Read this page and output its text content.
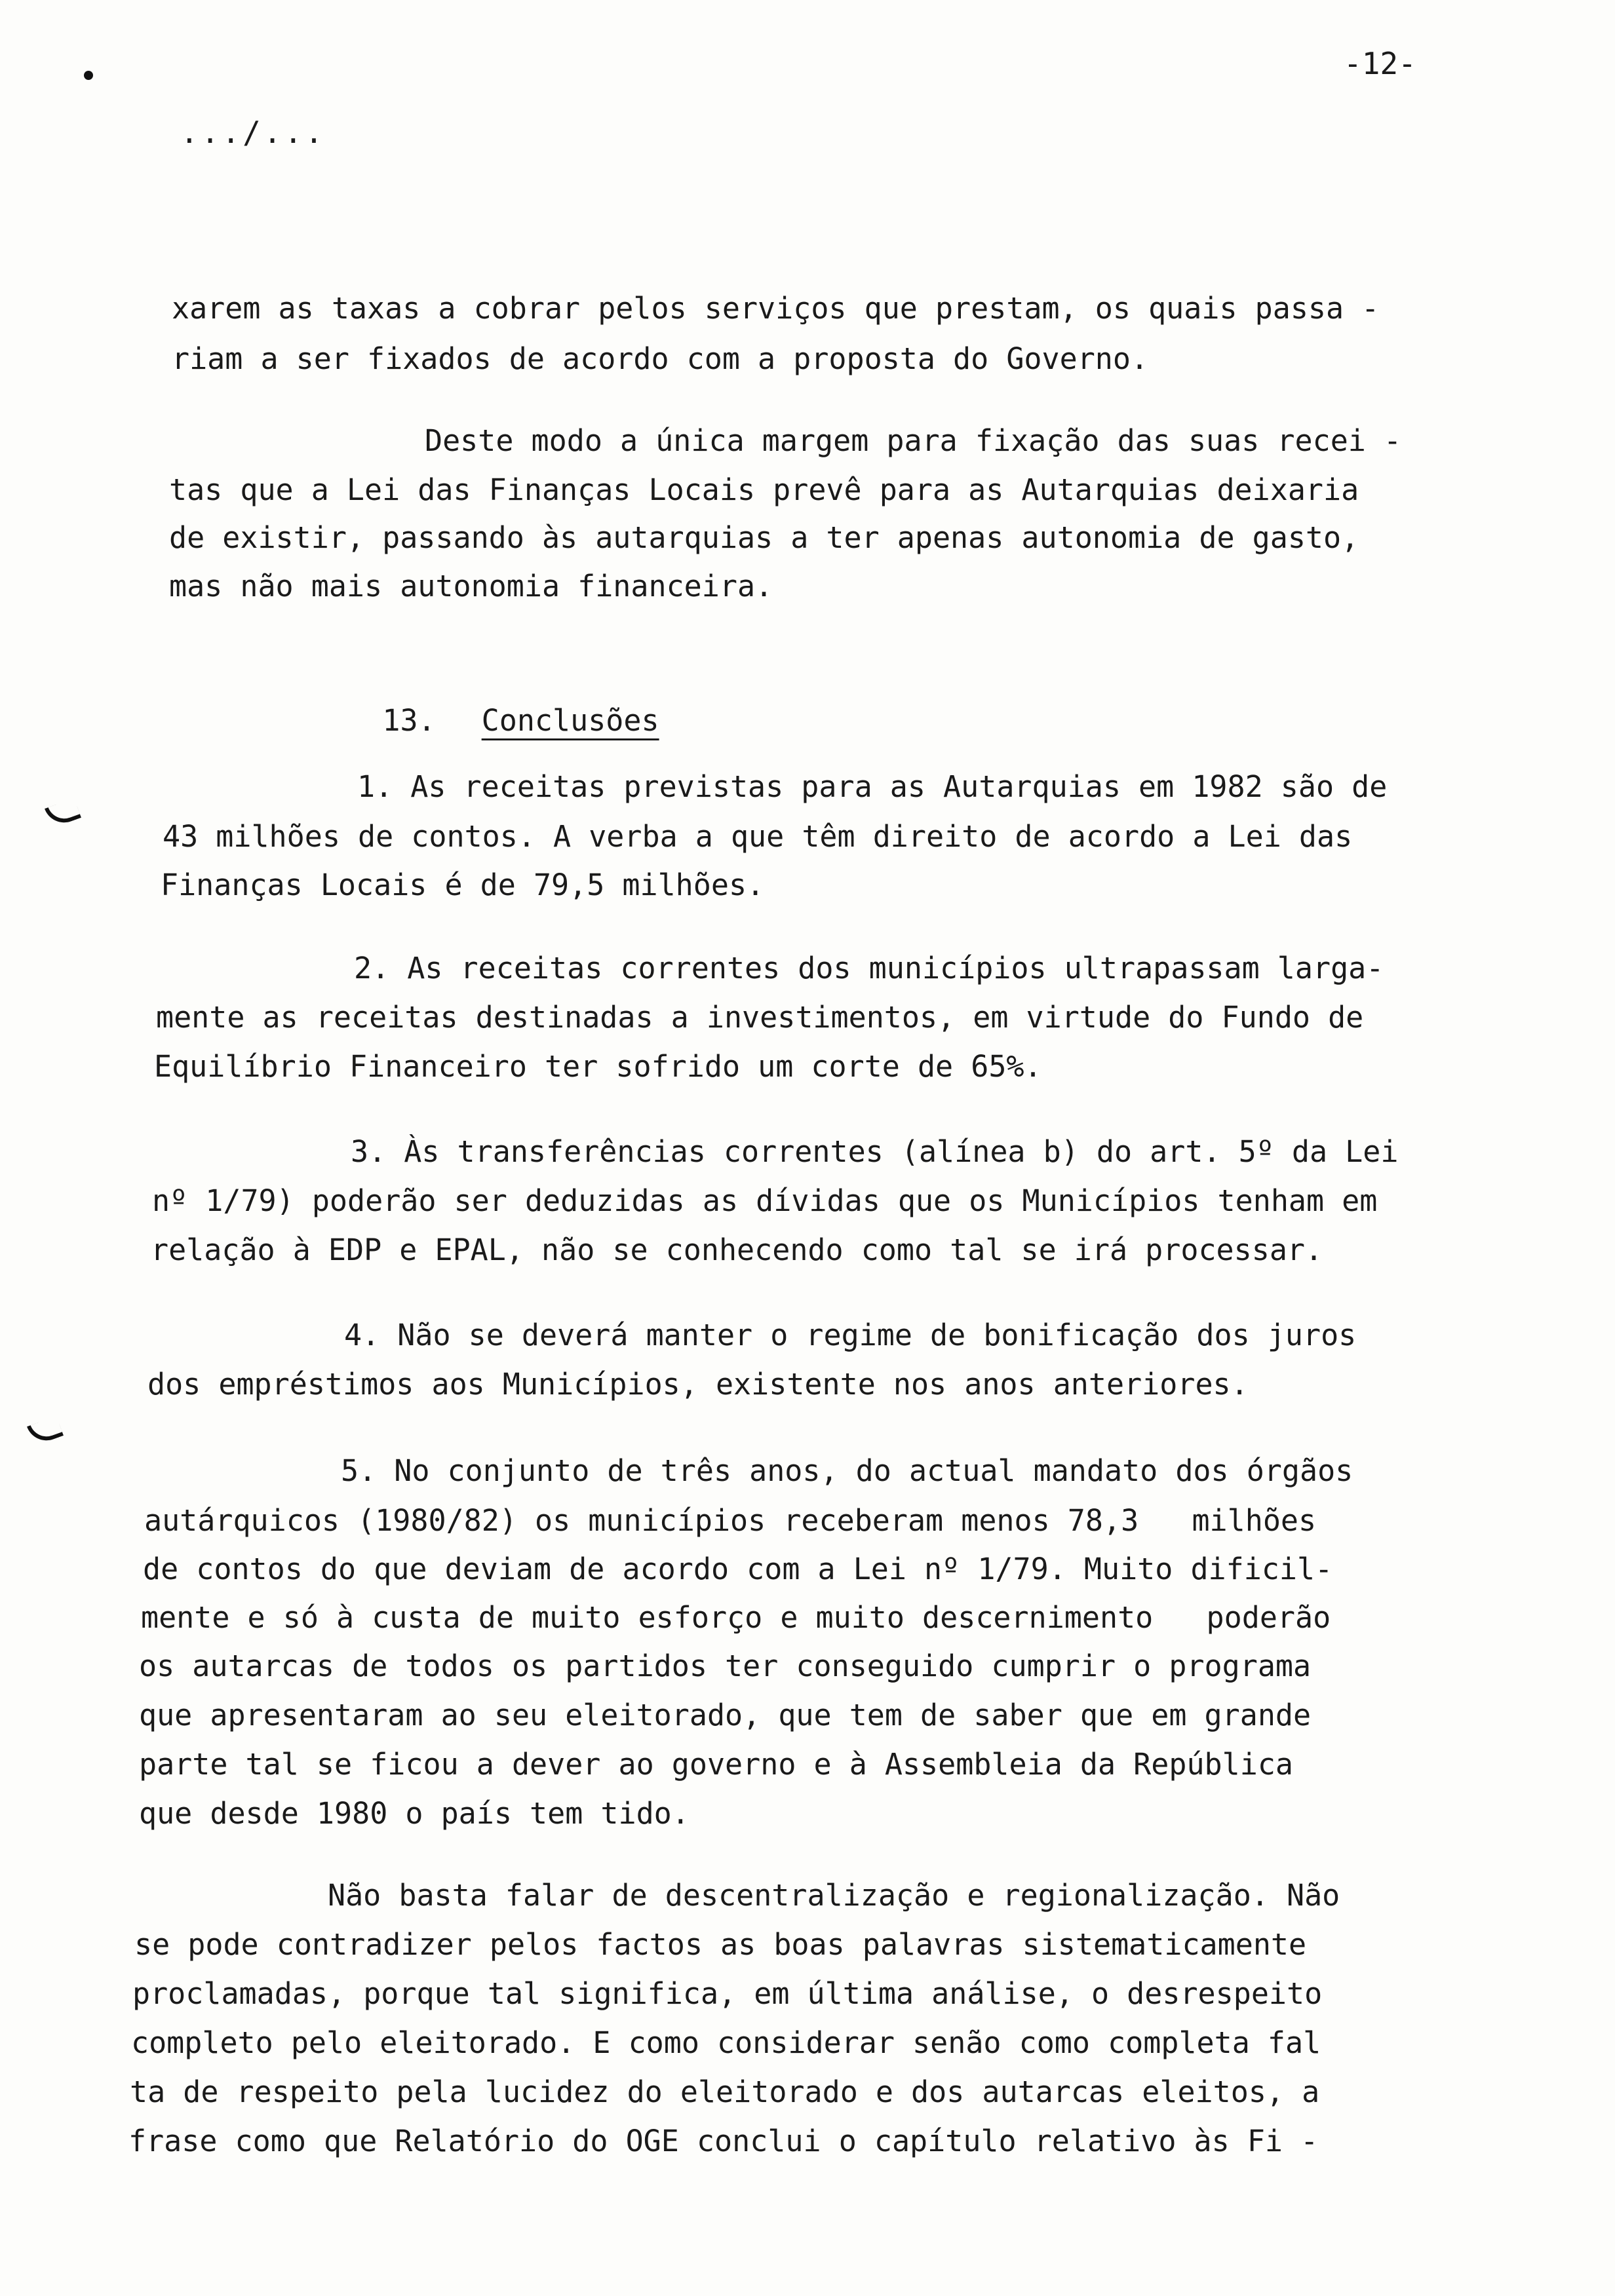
-12-
.../...
xarem as taxas a cobrar pelos serviços que prestam, os quais passa -
riam a ser fixados de acordo com a proposta do Governo.
Deste modo a única margem para fixação das suas recei -
tas que a Lei das Finanças Locais prevê para as Autarquias deixaria
de existir, passando às autarquias a ter apenas autonomia de gasto,
mas não mais autonomia financeira.

13. Conclusões

1. As receitas previstas para as Autarquias em 1982 são de
43 milhões de contos. A verba a que têm direito de acordo a Lei das
Finanças Locais é de 79,5 milhões.
2. As receitas correntes dos municípios ultrapassam larga-
mente as receitas destinadas a investimentos, em virtude do Fundo de
Equilíbrio Financeiro ter sofrido um corte de 65%.
3. Às transferências correntes (alínea b) do art. 5º da Lei
nº 1/79) poderão ser deduzidas as dívidas que os Municípios tenham em
relação à EDP e EPAL, não se conhecendo como tal se irá processar.
4. Não se deverá manter o regime de bonificação dos juros
dos empréstimos aos Municípios, existente nos anos anteriores.
5. No conjunto de três anos, do actual mandato dos órgãos
autárquicos (1980/82) os municípios receberam menos 78,3   milhões
de contos do que deviam de acordo com a Lei nº 1/79. Muito dificil-
mente e só à custa de muito esforço e muito descernimento   poderão
os autarcas de todos os partidos ter conseguido cumprir o programa
que apresentaram ao seu eleitorado, que tem de saber que em grande
parte tal se ficou a dever ao governo e à Assembleia da República
que desde 1980 o país tem tido.
Não basta falar de descentralização e regionalização. Não
se pode contradizer pelos factos as boas palavras sistematicamente
proclamadas, porque tal significa, em última análise, o desrespeito
completo pelo eleitorado. E como considerar senão como completa fal
ta de respeito pela lucidez do eleitorado e dos autarcas eleitos, a
frase como que Relatório do OGE conclui o capítulo relativo às Fi -
